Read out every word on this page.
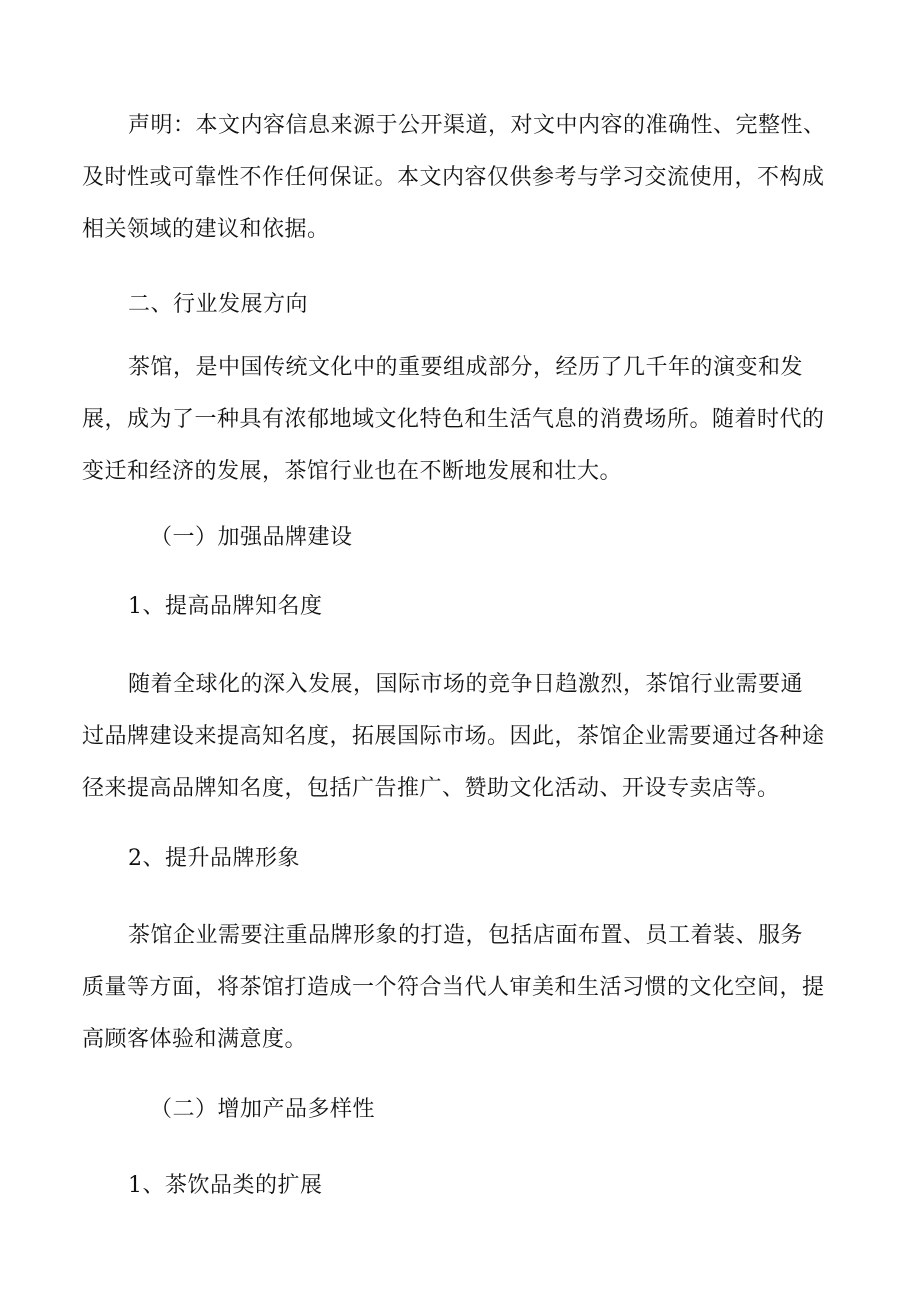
声明：本文内容信息来源于公开渠道，对文中内容的准确性、完整性、
及时性或可靠性不作任何保证。本文内容仅供参考与学习交流使用，不构成
相关领域的建议和依据。

二、行业发展方向

茶馆，是中国传统文化中的重要组成部分，经历了几千年的演变和发
展，成为了一种具有浓郁地域文化特色和生活气息的消费场所。随着时代的
变迁和经济的发展，茶馆行业也在不断地发展和壮大。

（一）加强品牌建设

1、提高品牌知名度

随着全球化的深入发展，国际市场的竞争日趋激烈，茶馆行业需要通
过品牌建设来提高知名度，拓展国际市场。因此，茶馆企业需要通过各种途
径来提高品牌知名度，包括广告推广、赞助文化活动、开设专卖店等。

2、提升品牌形象

茶馆企业需要注重品牌形象的打造，包括店面布置、员工着装、服务
质量等方面，将茶馆打造成一个符合当代人审美和生活习惯的文化空间，提
高顾客体验和满意度。

（二）增加产品多样性

1、茶饮品类的扩展
